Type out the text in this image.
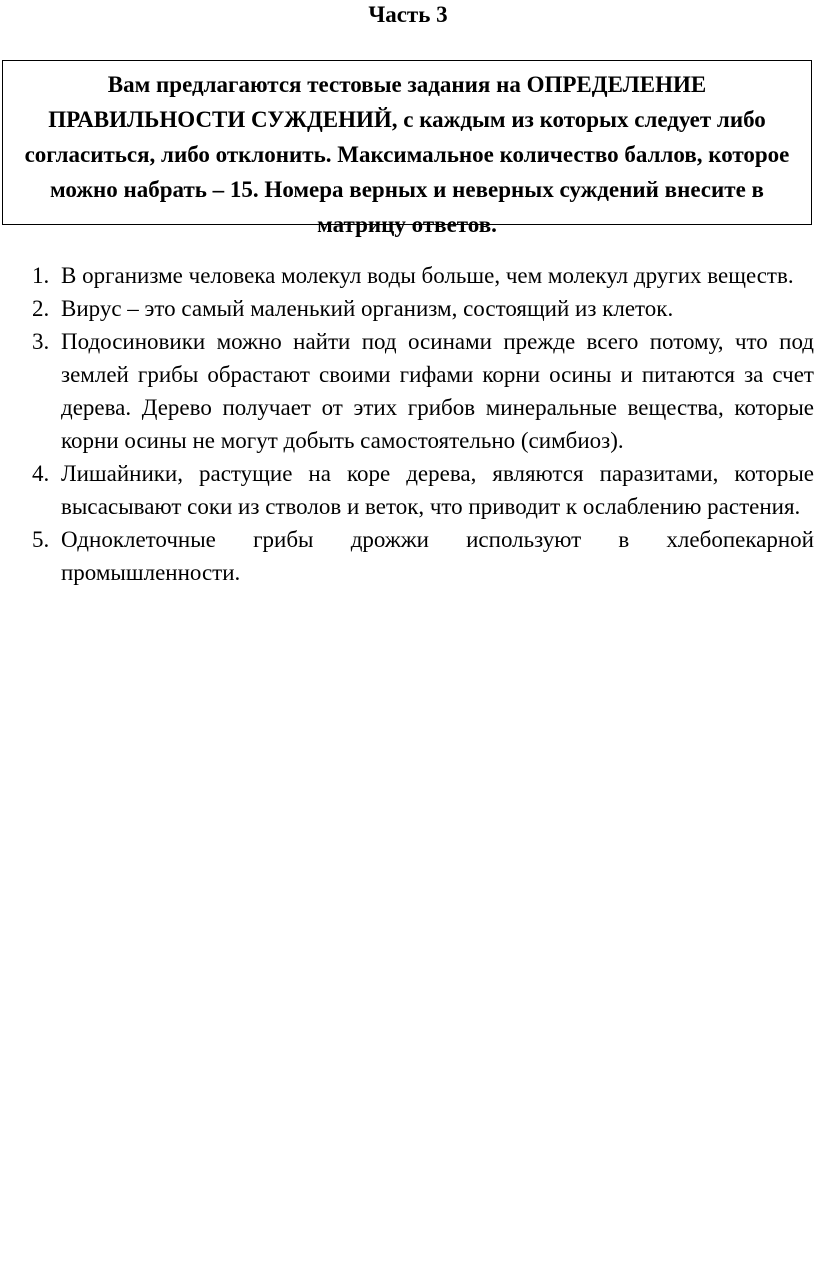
Часть 3
Вам предлагаются тестовые задания на ОПРЕДЕЛЕНИЕ ПРАВИЛЬНОСТИ СУЖДЕНИЙ, с каждым из которых следует либо согласиться, либо отклонить. Максимальное количество баллов, которое можно набрать – 15. Номера верных и неверных суждений внесите в матрицу ответов.
1. В организме человека молекул воды больше, чем молекул других веществ.
2. Вирус – это самый маленький организм, состоящий из клеток.
3. Подосиновики можно найти под осинами прежде всего потому, что под землей грибы обрастают своими гифами корни осины и питаются за счет дерева. Дерево получает от этих грибов минеральные вещества, которые корни осины не могут добыть самостоятельно (симбиоз).
4. Лишайники, растущие на коре дерева, являются паразитами, которые высасывают соки из стволов и веток, что приводит к ослаблению растения.
5. Одноклеточные грибы дрожжи используют в хлебопекарной промышленности.
